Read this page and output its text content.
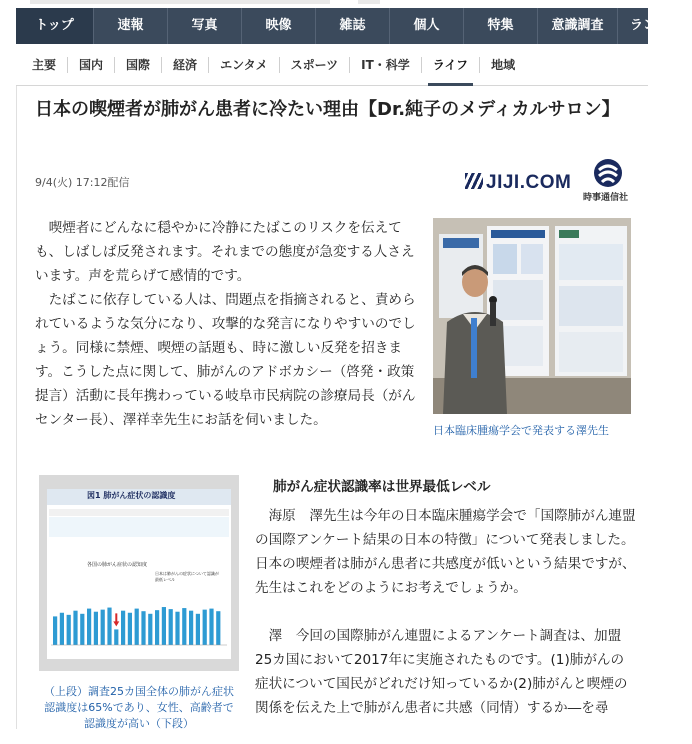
トップ	速報	写真	映像	雑誌	個人	特集	意識調査	ランキ
主要	国内	国際	経済	エンタメ	スポーツ	IT・科学	ライフ	地域
日本の喫煙者が肺がん患者に冷たい理由【Dr.純子のメディカルサロン】
9/4(火) 17:12配信	JIJI.COM
時事通信社

喫煙者にどんなに穏やかに冷静にたばこのリスクを伝えても、しばしば反発されます。それまでの態度が急変する人さえいます。声を荒らげて感情的です。

たばこに依存している人は、問題点を指摘されると、責められているような気分になり、攻撃的な発言になりやすいのでしょう。同様に禁煙、喫煙の話題も、時に激しい反発を招きます。こうした点に関して、肺がんのアドボカシー（啓発・政策提言）活動に長年携わっている岐阜市民病院の診療局長（がんセンター長）、澤祥幸先生にお話を伺いました。

日本臨床腫瘍学会で発表する澤先生
図1 肺がん症状の認識度
各国の肺がん症状の認知度
日本は肺がんの症状について認識が最低レベル
（上段）調査25カ国全体の肺がん症状認識度は65%であり、女性、高齢者で認識度が高い（下段）
肺がん症状認識率は世界最低レベル

海原　澤先生は今年の日本臨床腫瘍学会で「国際肺がん連盟の国際アンケート結果の日本の特徴」について発表しました。日本の喫煙者は肺がん患者に共感度が低いという結果ですが、先生はこれをどのようにお考えでしょうか。

澤　今回の国際肺がん連盟によるアンケート調査は、加盟25カ国において2017年に実施されたものです。(1)肺がんの症状について国民がどれだけ知っているか(2)肺がんと喫煙の関係を伝えた上で肺がん患者に共感（同情）するか―を尋
